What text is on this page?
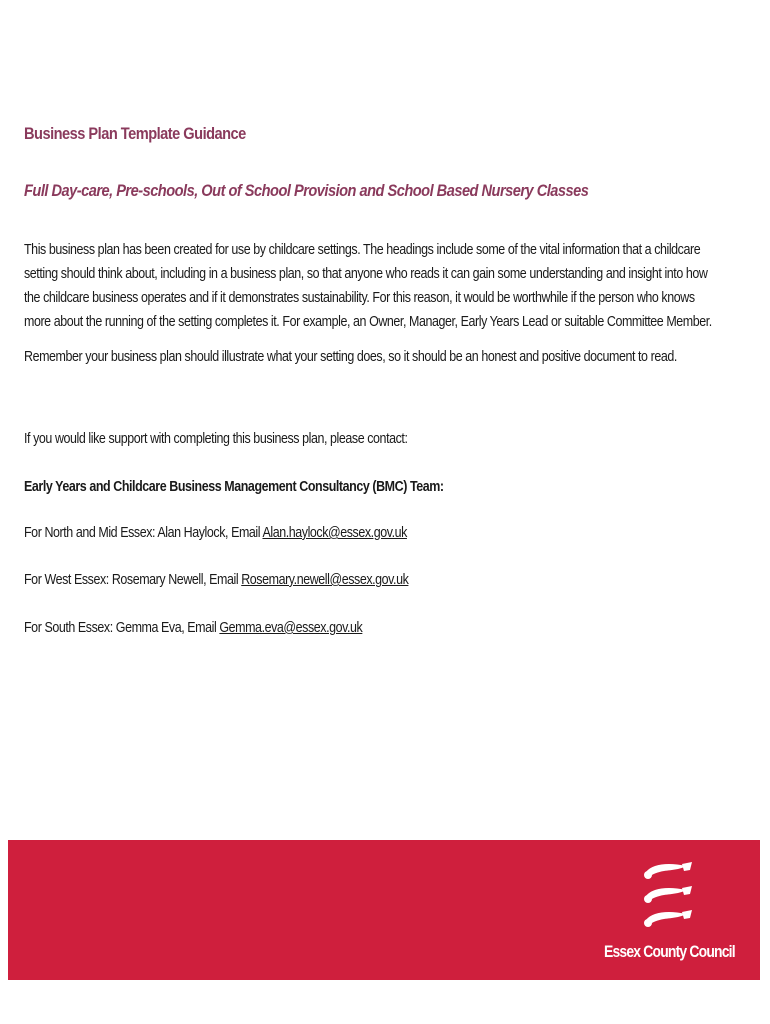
Business Plan Template Guidance
Full Day-care, Pre-schools, Out of School Provision and School Based Nursery Classes

This business plan has been created for use by childcare settings. The headings include some of the vital information that a childcare setting should think about, including in a business plan, so that anyone who reads it can gain some understanding and insight into how the childcare business operates and if it demonstrates sustainability. For this reason, it would be worthwhile if the person who knows more about the running of the setting completes it. For example, an Owner, Manager, Early Years Lead or suitable Committee Member.

Remember your business plan should illustrate what your setting does, so it should be an honest and positive document to read.

If you would like support with completing this business plan, please contact:

Early Years and Childcare Business Management Consultancy (BMC) Team:

For North and Mid Essex: Alan Haylock, Email Alan.haylock@essex.gov.uk

For West Essex: Rosemary Newell, Email Rosemary.newell@essex.gov.uk

For South Essex: Gemma Eva, Email Gemma.eva@essex.gov.uk

Essex County Council
